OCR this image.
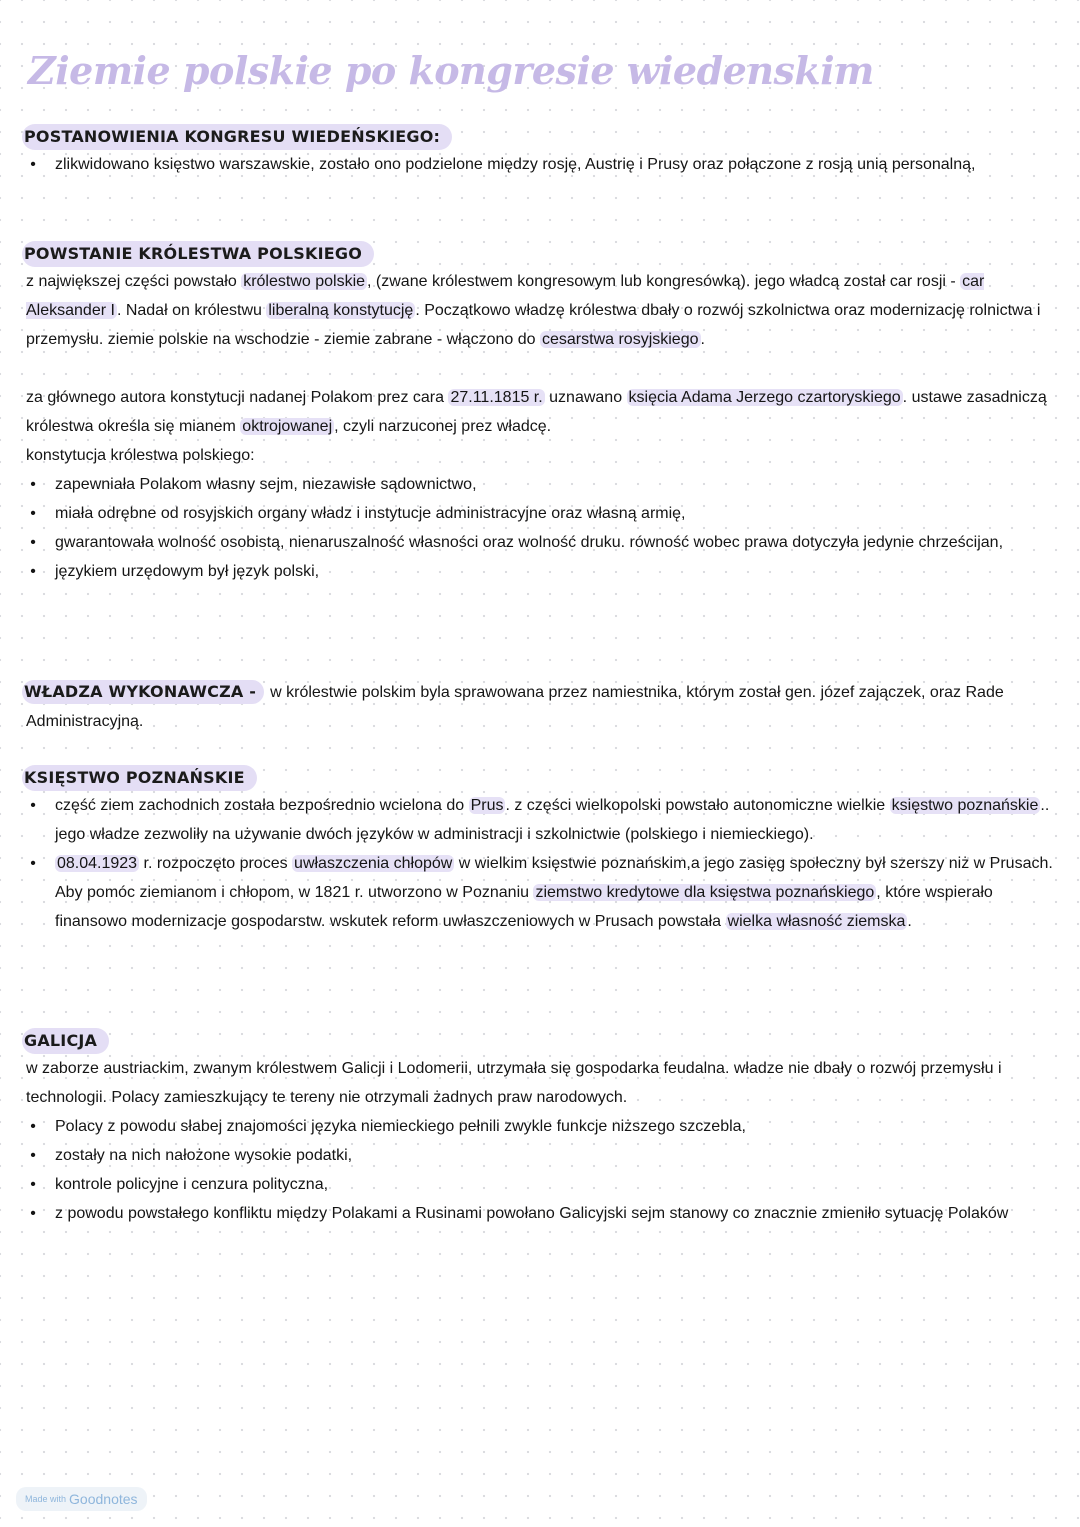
Ziemie polskie po kongresie wiedenskim
POSTANOWIENIA KONGRESU WIEDEŃSKIEGO:
• zlikwidowano księstwo warszawskie, zostało ono podzielone między rosję, Austrię i Prusy oraz połączone z rosją unią personalną,
POWSTANIE KRÓLESTWA POLSKIEGO

z największej części powstało królestwo polskie , (zwane królestwem kongresowym lub kongresówką). jego władcą został car rosji - car Aleksander I . Nadał on królestwu liberalną konstytucję . Początkowo władzę królestwa dbały o rozwój szkolnictwa oraz modernizację rolnictwa i przemysłu. ziemie polskie na wschodzie - ziemie zabrane - włączono do cesarstwa rosyjskiego .

za głównego autora konstytucji nadanej Polakom prez cara 27.11.1815 r. uznawano księcia Adama Jerzego czartoryskiego . ustawe zasadniczą królestwa określa się mianem oktrojowanej , czyli narzuconej prez władcę.

konstytucja królestwa polskiego:

• zapewniała Polakom własny sejm, niezawisłe sądownictwo,
• miała odrębne od rosyjskich organy władz i instytucje administracyjne oraz własną armię,
• gwarantowała wolność osobistą, nienaruszalność własności oraz wolność druku. równość wobec prawa dotyczyła jedynie chrześcijan,
• językiem urzędowym był język polski,

WŁADZA WYKONAWCZA - w królestwie polskim byla sprawowana przez namiestnika, którym został gen. józef zajączek, oraz Rade Administracyjną.

KSIĘSTWO POZNAŃSKIE
• część ziem zachodnich została bezpośrednio wcielona do Prus . z części wielkopolski powstało autonomiczne wielkie księstwo poznańskie .. jego władze zezwoliły na używanie dwóch języków w administracji i szkolnictwie (polskiego i niemieckiego).
• 08.04.1923 r. rozpoczęto proces uwłaszczenia chłopów w wielkim księstwie poznańskim,a jego zasięg społeczny był szerszy niż w Prusach. Aby pomóc ziemianom i chłopom, w 1821 r. utworzono w Poznaniu ziemstwo kredytowe dla księstwa poznańskiego , które wspierało finansowo modernizacje gospodarstw. wskutek reform uwłaszczeniowych w Prusach powstała wielka własność ziemska .
GALICJA

w zaborze austriackim, zwanym królestwem Galicji i Lodomerii, utrzymała się gospodarka feudalna. władze nie dbały o rozwój przemysłu i technologii. Polacy zamieszkujący te tereny nie otrzymali żadnych praw narodowych.

• Polacy z powodu słabej znajomości języka niemieckiego pełnili zwykle funkcje niższego szczebla,
• zostały na nich nałożone wysokie podatki,
• kontrole policyjne i cenzura polityczna,
• z powodu powstałego konfliktu między Polakami a Rusinami powołano Galicyjski sejm stanowy co znacznie zmieniło sytuację Polaków
Made with Goodnotes
